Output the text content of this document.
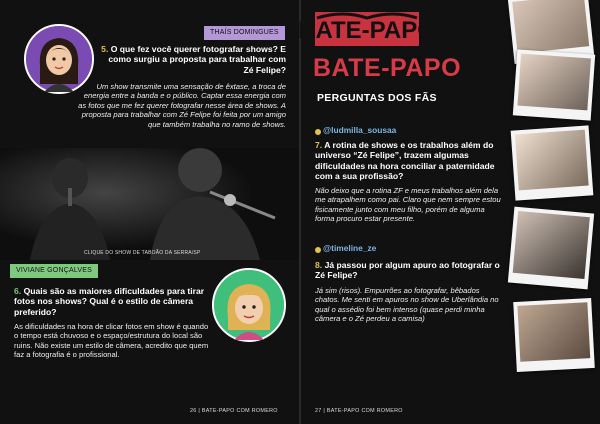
THAÍS DOMINGUES
5. O que fez você querer fotografar shows? E como surgiu a proposta para trabalhar com Zé Felipe?
Um show transmite uma sensação de êxtase, a troca de energia entre a banda e o público. Captar essa energia com as fotos que me fez querer fotografar nesse área de shows. A proposta para trabalhar com Zé Felipe foi feita por um amigo que também trabalha no ramo de shows.
CLIQUE DO SHOW DE TABOÃO DA SERRA/SP
VIVIANE GONÇALVES
6. Quais são as maiores dificuldades para tirar fotos nos shows? Qual é o estilo de câmera preferido?
As dificuldades na hora de clicar fotos em show é quando o tempo está chuvoso e o espaço/estrutura do local são ruins. Não existe um estilo de câmera, acredito que quem faz a fotografia é o profissional.
26 | BATE-PAPO COM ROMERO
BATE-PAPO
BATE-PAPO
PERGUNTAS DOS FÃS
@ludmilla_sousaa
7. A rotina de shows e os trabalhos além do universo “Zé Felipe”, trazem algumas dificuldades na hora conciliar a paternidade com a sua profissão?
Não deixo que a rotina ZF e meus trabalhos além dela me atrapalhem como pai. Claro que nem sempre estou fisicamente junto com meu filho, porém de alguma forma procuro estar presente.
@timeline_ze
8. Já passou por algum apuro ao fotografar o Zé Felipe?
Já sim (risos). Empurrões ao fotografar, bêbados chatos. Me senti em apuros no show de Uberlândia no qual o assédio foi bem intenso (quase perdi minha câmera e o Zé perdeu a camisa)
27 | BATE-PAPO COM ROMERO
